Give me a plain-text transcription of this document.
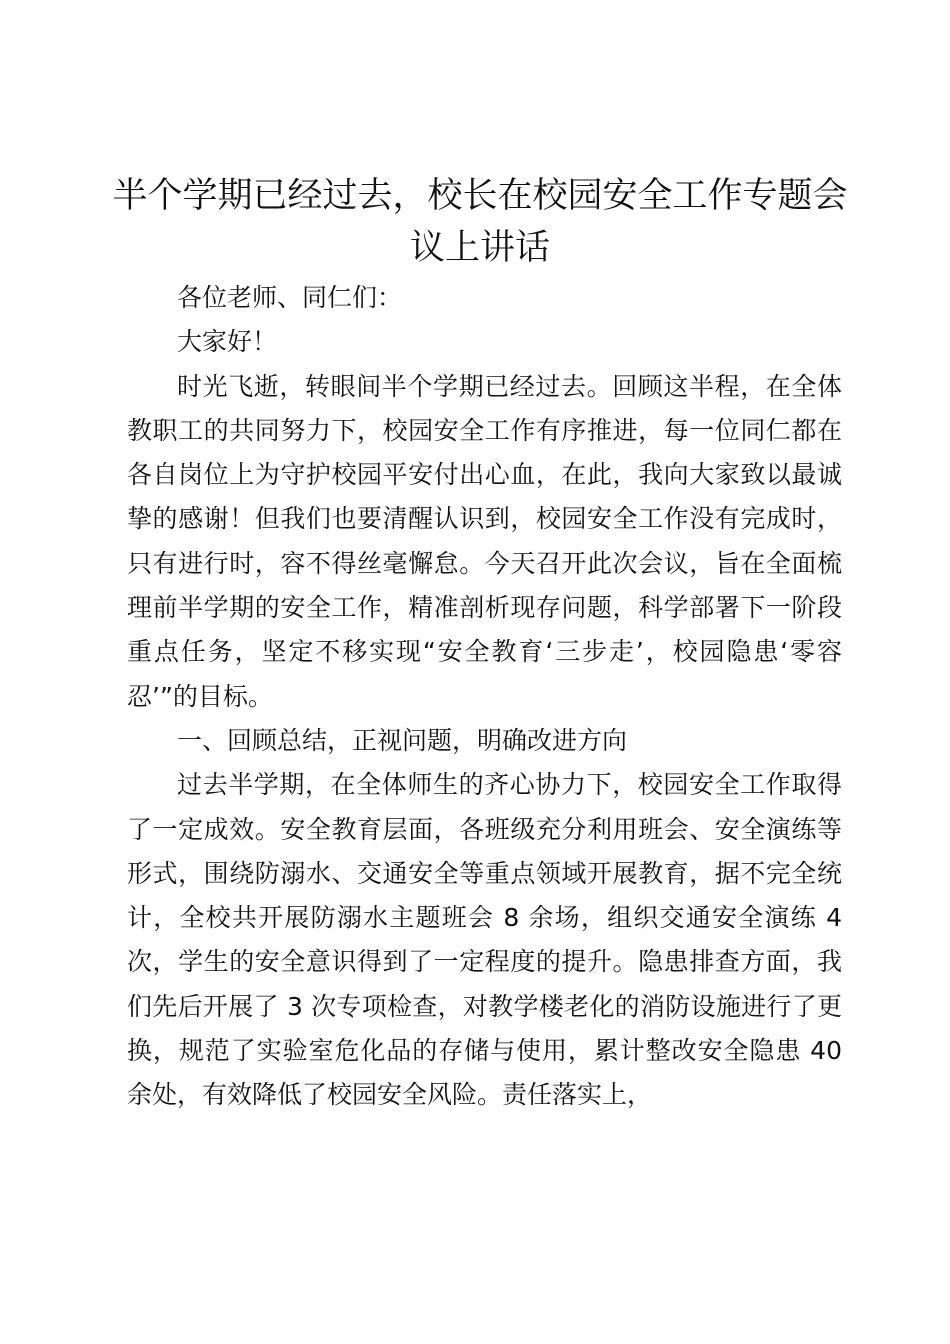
半个学期已经过去，校长在校园安全工作专题会议上讲话

各位老师、同仁们：

大家好！

时光飞逝，转眼间半个学期已经过去。回顾这半程，在全体教职工的共同努力下，校园安全工作有序推进，每一位同仁都在各自岗位上为守护校园平安付出心血，在此，我向大家致以最诚挚的感谢！但我们也要清醒认识到，校园安全工作没有完成时，只有进行时，容不得丝毫懈怠。今天召开此次会议，旨在全面梳理前半学期的安全工作，精准剖析现存问题，科学部署下一阶段重点任务，坚定不移实现“安全教育‘三步走’，校园隐患‘零容忍’”的目标。

一、回顾总结，正视问题，明确改进方向

过去半学期，在全体师生的齐心协力下，校园安全工作取得了一定成效。安全教育层面，各班级充分利用班会、安全演练等形式，围绕防溺水、交通安全等重点领域开展教育，据不完全统计，全校共开展防溺水主题班会 8 余场，组织交通安全演练 4 次，学生的安全意识得到了一定程度的提升。隐患排查方面，我们先后开展了 3 次专项检查，对教学楼老化的消防设施进行了更换，规范了实验室危化品的存储与使用，累计整改安全隐患 40 余处，有效降低了校园安全风险。责任落实上，
